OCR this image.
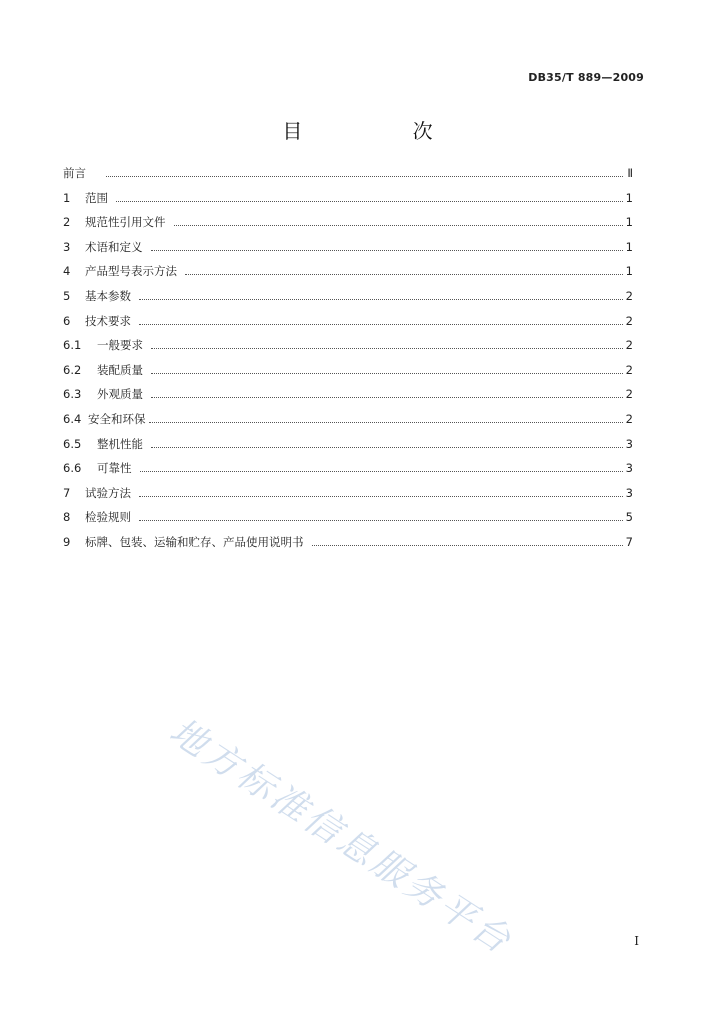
DB35/T 889—2009
目 次
前言	Ⅱ
1	范围	1
2	规范性引用文件	1
3	术语和定义	1
4	产品型号表示方法	1
5	基本参数	2
6	技术要求	2
6.1	一般要求	2
6.2	装配质量	2
6.3	外观质量	2
6.4 安全和环保	2
6.5	整机性能	3
6.6	可靠性	3
7	试验方法	3
8	检验规则	5
9	标牌、包装、运输和贮存、产品使用说明书	7
地方标准信息服务平台	I
